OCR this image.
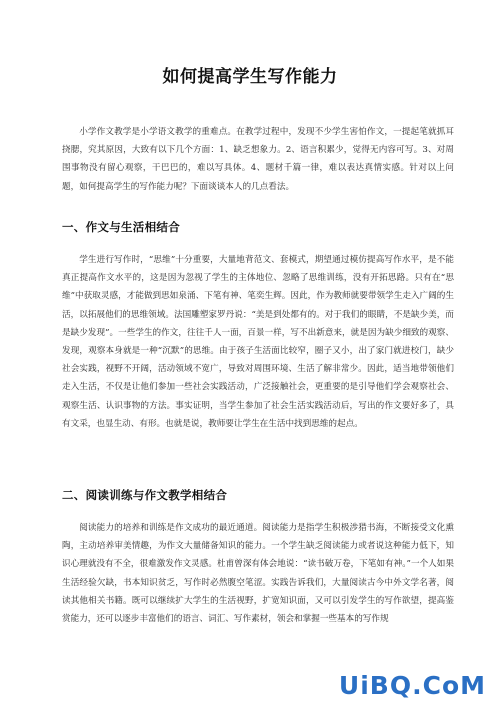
如何提高学生写作能力

小学作文教学是小学语文教学的重难点。在教学过程中，发现不少学生害怕作文，一提起笔就抓耳挠腮，究其原因，大致有以下几个方面：1、缺乏想象力。2、语言积累少，觉得无内容可写。3、对周围事物没有留心观察，干巴巴的，难以写具体。4、题材千篇一律，难以表达真情实感。针对以上问题，如何提高学生的写作能力呢？下面谈谈本人的几点看法。

一、作文与生活相结合

学生进行写作时，“思维”十分重要，大量地背范文、套模式，期望通过模仿提高写作水平，是不能真正提高作文水平的，这是因为忽视了学生的主体地位、忽略了思维训练，没有开拓思路。只有在“思维”中获取灵感，才能做到思如泉涌、下笔有神、笔奕生辉。因此，作为教师就要带领学生走入广阔的生活，以拓展他们的思维领域。法国雕塑家罗丹说：“美是到处都有的。对于我们的眼睛，不是缺少美，而是缺少发现”。一些学生的作文，往往千人一面，百景一样，写不出新意来，就是因为缺少细致的观察、发现，观察本身就是一种“沉默”的思维。由于孩子生活面比较窄，圈子又小，出了家门就进校门，缺少社会实践，视野不开阔，活动领域不宽广，导致对周围环境、生活了解非常少。因此，适当地带领他们走入生活，不仅是让他们参加一些社会实践活动，广泛接触社会，更重要的是引导他们学会观察社会、观察生活、认识事物的方法。事实证明，当学生参加了社会生活实践活动后，写出的作文要好多了，具有文采，也显生动、有形。也就是说，教师要让学生在生活中找到思维的起点。

二、阅读训练与作文教学相结合

阅读能力的培养和训练是作文成功的最近通道。阅读能力是指学生积极涉猎书海，不断接受文化熏陶，主动培养审美情趣，为作文大量储备知识的能力。一个学生缺乏阅读能力或者说这种能力低下，知识心理就没有不全，很难激发作文灵感。杜甫曾深有体会地说：“读书破万卷，下笔如有神。”一个人如果生活经验欠缺，书本知识贫乏，写作时必然腹空笔涩。实践告诉我们，大量阅读古今中外文学名著，阅读其他相关书籍。既可以继续扩大学生的生活视野，扩宽知识面，又可以引发学生的写作欲望，提高鉴赏能力，还可以逐步丰富他们的语言、词汇、写作素材，领会和掌握一些基本的写作规

UiBQ.CoM
